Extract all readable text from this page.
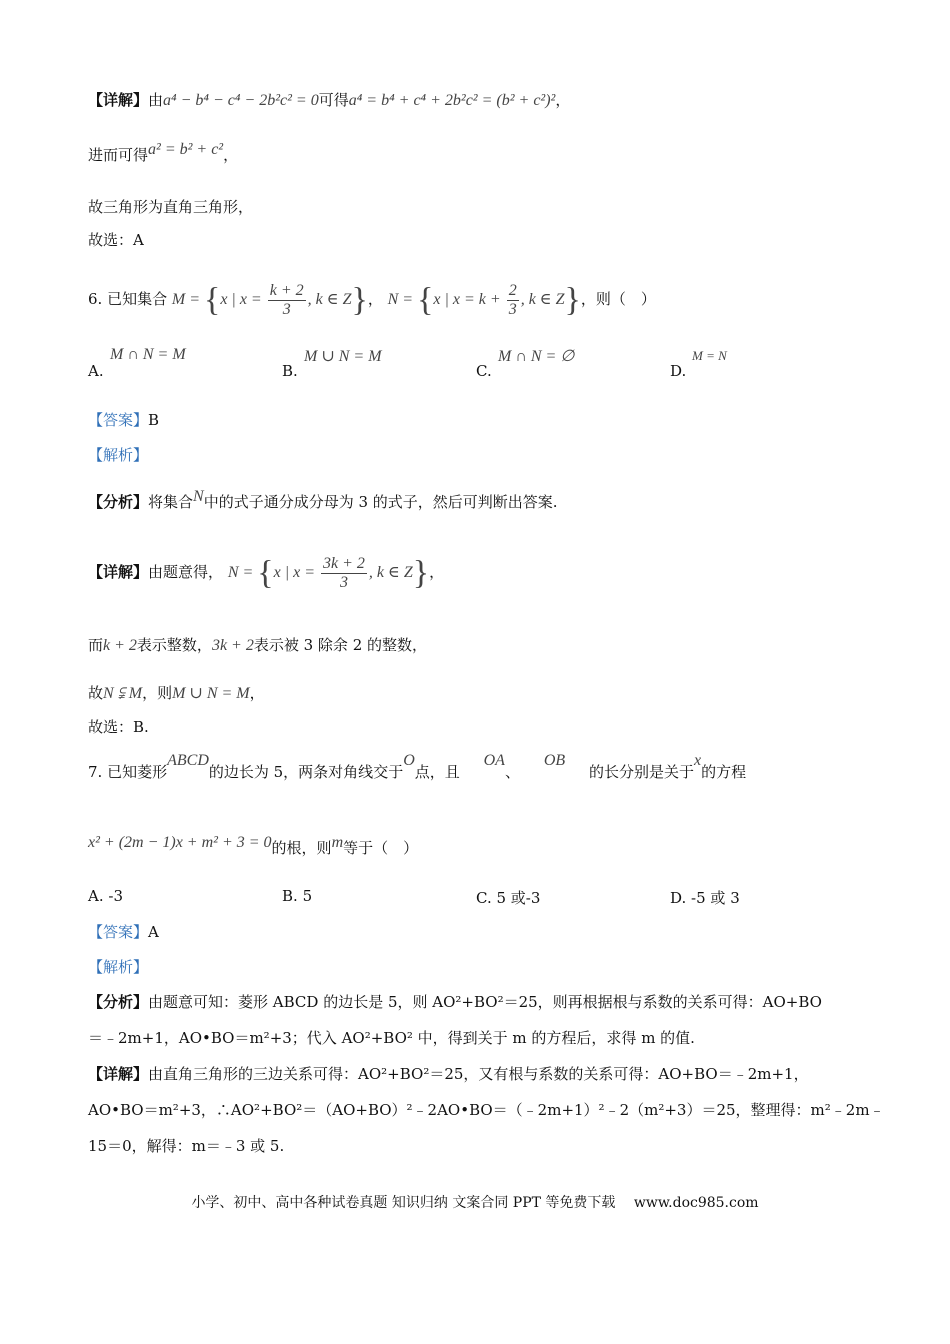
【详解】由a⁴ − b⁴ − c⁴ − 2b²c² = 0可得a⁴ = b⁴ + c⁴ + 2b²c² = (b² + c²)²，
进而可得a² = b² + c²，
故三角形为直角三角形，
故选：A
6. 已知集合 M = {x | $x = \frac{k + 2}{3}$ , k ∈ Z}， N = {x | $x = k + \frac{2}{3}$ , k ∈ Z}，则（　）
A.
M ∩ N = M
B.
M ∪ N = M
C.
M ∩ N = ∅
D.
M = N
【答案】B
【解析】
【分析】将集合N中的式子通分成分母为 3 的式子，然后可判断出答案.
【详解】由题意得， N = {x | $x = \frac{3k + 2}{3}$ , k ∈ Z}，
而k + 2表示整数，3k + 2表示被 3 除余 2 的整数，
故N ⫋ M，则M ∪ N = M，
故选：B.
7. 已知菱形ABCD的边长为 5，两条对角线交于O点，且     OA、     OB     的长分别是关于x的方程
x² + (2m − 1)x + m² + 3 = 0的根，则m等于（　）
A. -3	B. 5	C. 5 或-3	D. -5 或 3
【答案】A
【解析】
【分析】由题意可知：菱形 ABCD 的边长是 5，则 AO²+BO²＝25，则再根据根与系数的关系可得：AO+BO
＝﹣2m+1，AO•BO＝m²+3；代入 AO²+BO² 中，得到关于 m 的方程后，求得 m 的值.
【详解】由直角三角形的三边关系可得：AO²+BO²＝25，又有根与系数的关系可得：AO+BO＝﹣2m+1，
AO•BO＝m²+3，∴AO²+BO²＝（AO+BO）²﹣2AO•BO＝（﹣2m+1）²﹣2（m²+3）＝25，整理得：m²﹣2m﹣
15＝0，解得：m＝﹣3 或 5.
小学、初中、高中各种试卷真题 知识归纳 文案合同 PPT 等免费下载　 www.doc985.com
